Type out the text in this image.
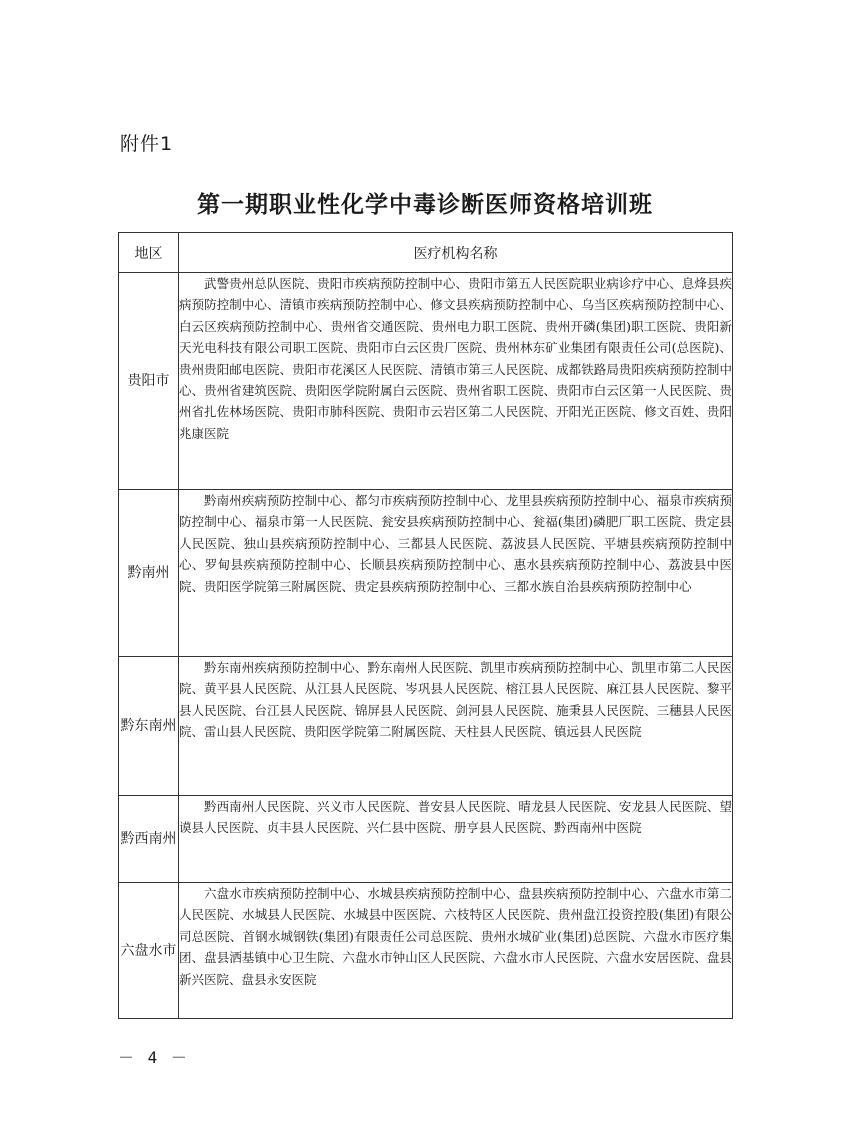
附件1
第一期职业性化学中毒诊断医师资格培训班
地区	医疗机构名称
贵阳市	武警贵州总队医院、贵阳市疾病预防控制中心、贵阳市第五人民医院职业病诊疗中心、息烽县疾病预防控制中心、清镇市疾病预防控制中心、修文县疾病预防控制中心、乌当区疾病预防控制中心、白云区疾病预防控制中心、贵州省交通医院、贵州电力职工医院、贵州开磷(集团)职工医院、贵阳新天光电科技有限公司职工医院、贵阳市白云区贵厂医院、贵州林东矿业集团有限责任公司(总医院)、贵州贵阳邮电医院、贵阳市花溪区人民医院、清镇市第三人民医院、成都铁路局贵阳疾病预防控制中心、贵州省建筑医院、贵阳医学院附属白云医院、贵州省职工医院、贵阳市白云区第一人民医院、贵州省扎佐林场医院、贵阳市肺科医院、贵阳市云岩区第二人民医院、开阳光正医院、修文百姓、贵阳兆康医院

黔南州	黔南州疾病预防控制中心、都匀市疾病预防控制中心、龙里县疾病预防控制中心、福泉市疾病预防控制中心、福泉市第一人民医院、瓮安县疾病预防控制中心、瓮福(集团)磷肥厂职工医院、贵定县人民医院、独山县疾病预防控制中心、三都县人民医院、荔波县人民医院、平塘县疾病预防控制中心、罗甸县疾病预防控制中心、长顺县疾病预防控制中心、惠水县疾病预防控制中心、荔波县中医院、贵阳医学院第三附属医院、贵定县疾病预防控制中心、三都水族自治县疾病预防控制中心

黔东南州	黔东南州疾病预防控制中心、黔东南州人民医院、凯里市疾病预防控制中心、凯里市第二人民医院、黄平县人民医院、从江县人民医院、岑巩县人民医院、榕江县人民医院、麻江县人民医院、黎平县人民医院、台江县人民医院、锦屏县人民医院、剑河县人民医院、施秉县人民医院、三穗县人民医院、雷山县人民医院、贵阳医学院第二附属医院、天柱县人民医院、镇远县人民医院

黔西南州	黔西南州人民医院、兴义市人民医院、普安县人民医院、晴龙县人民医院、安龙县人民医院、望谟县人民医院、贞丰县人民医院、兴仁县中医院、册亨县人民医院、黔西南州中医院

六盘水市	六盘水市疾病预防控制中心、水城县疾病预防控制中心、盘县疾病预防控制中心、六盘水市第二人民医院、水城县人民医院、水城县中医医院、六枝特区人民医院、贵州盘江投资控股(集团)有限公司总医院、首钢水城钢铁(集团)有限责任公司总医院、贵州水城矿业(集团)总医院、六盘水市医疗集团、盘县洒基镇中心卫生院、六盘水市钟山区人民医院、六盘水市人民医院、六盘水安居医院、盘县新兴医院、盘县永安医院
－ 4 －
